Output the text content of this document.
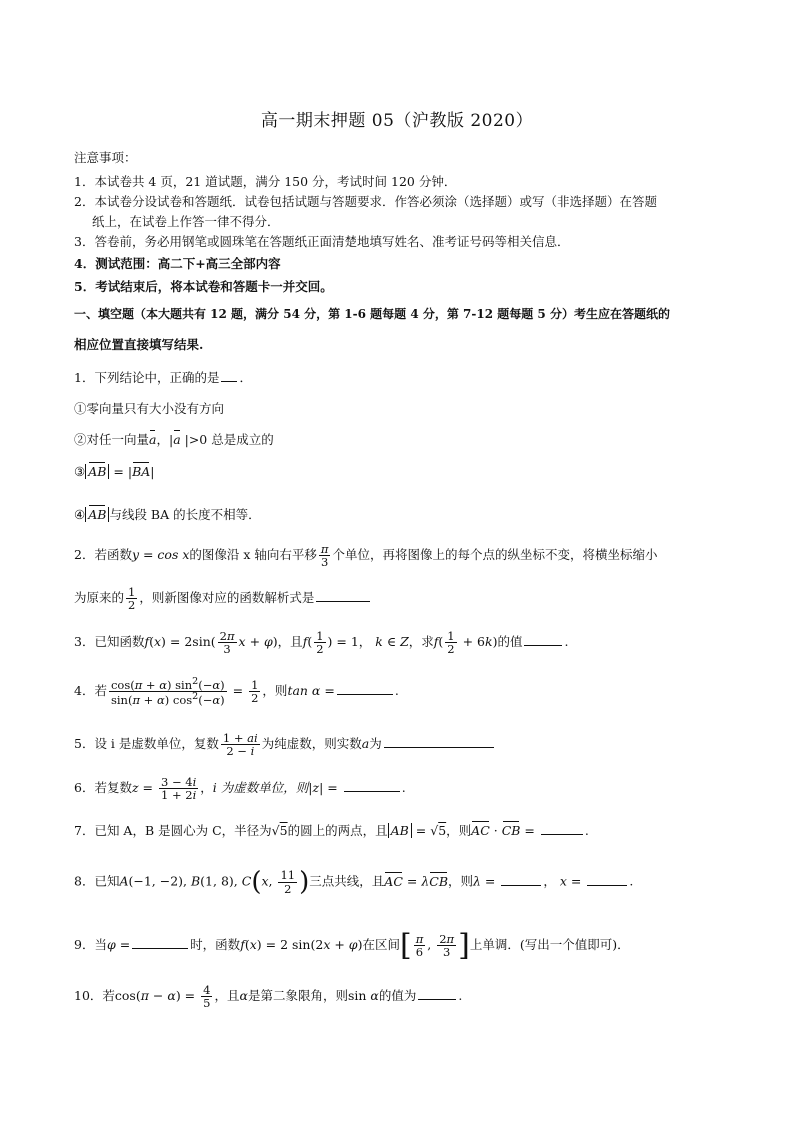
高一期末押题 05（沪教版 2020）
注意事项：
1．本试卷共 4 页，21 道试题，满分 150 分，考试时间 120 分钟．
2．本试卷分设试卷和答题纸．试卷包括试题与答题要求．作答必须涂（选择题）或写（非选择题）在答题
纸上，在试卷上作答一律不得分．
3．答卷前，务必用钢笔或圆珠笔在答题纸正面清楚地填写姓名、准考证号码等相关信息．
4．测试范围：高二下+高三全部内容
5．考试结束后，将本试卷和答题卡一并交回。
一、填空题（本大题共有 12 题，满分 54 分，第 1-6 题每题 4 分，第 7-12 题每题 5 分）考生应在答题纸的
相应位置直接填写结果.
1．下列结论中，正确的是 ．
①零向量只有大小没有方向
②对任一向量a，|a |>0 总是成立的
③ AB = |BA|
④ AB 与线段 BA 的长度不相等．
2．若函数y = cos x的图像沿 x 轴向右平移 $\frac{\pi}{3}$ 个单位，再将图像上的每个点的纵坐标不变，将横坐标缩小
为原来的 $\frac{1}{2}$ ，则新图像对应的函数解析式是
3．已知函数$f(x) = 2\sin( \frac{2\pi}{3}$ x + φ)，且$f( \frac{1}{2}$ ) = 1， k ∈ Z，求$f( \frac{1}{2} + 6k)$的值	.
4．若 $\frac{\cos(\pi + \alpha) \sin^2(-\alpha)}{\sin(\pi + \alpha) \cos^2(-\alpha)} = \frac{1}{2}$ ，则tan α =	.
5．设 i 是虚数单位，复数 $\frac{1 + ai}{2 - i}$ 为纯虚数，则实数a为
6．若复数$z = \frac{3 - 4i}{1 + 2i}$ ，i 为虚数单位，则|z| =	.
7．已知 A，B 是圆心为 C，半径为√5的圆上的两点，且 AB = √5，则AC · CB =	.
8．已知A(−1, −2), B(1, 8), C(x, $\frac{11}{2}$ )三点共线，且AC = λCB，则λ =	， x =	.
9．当φ =	时，函数f(x) = 2 sin(2x + φ)在区间[ $\frac{\pi}{6}$ , $\frac{2\pi}{3}$ ]上单调．(写出一个值即可)．
10．若$\cos(\pi - \alpha) = \frac{4}{5}$ ，且α是第二象限角，则sin α的值为	.
